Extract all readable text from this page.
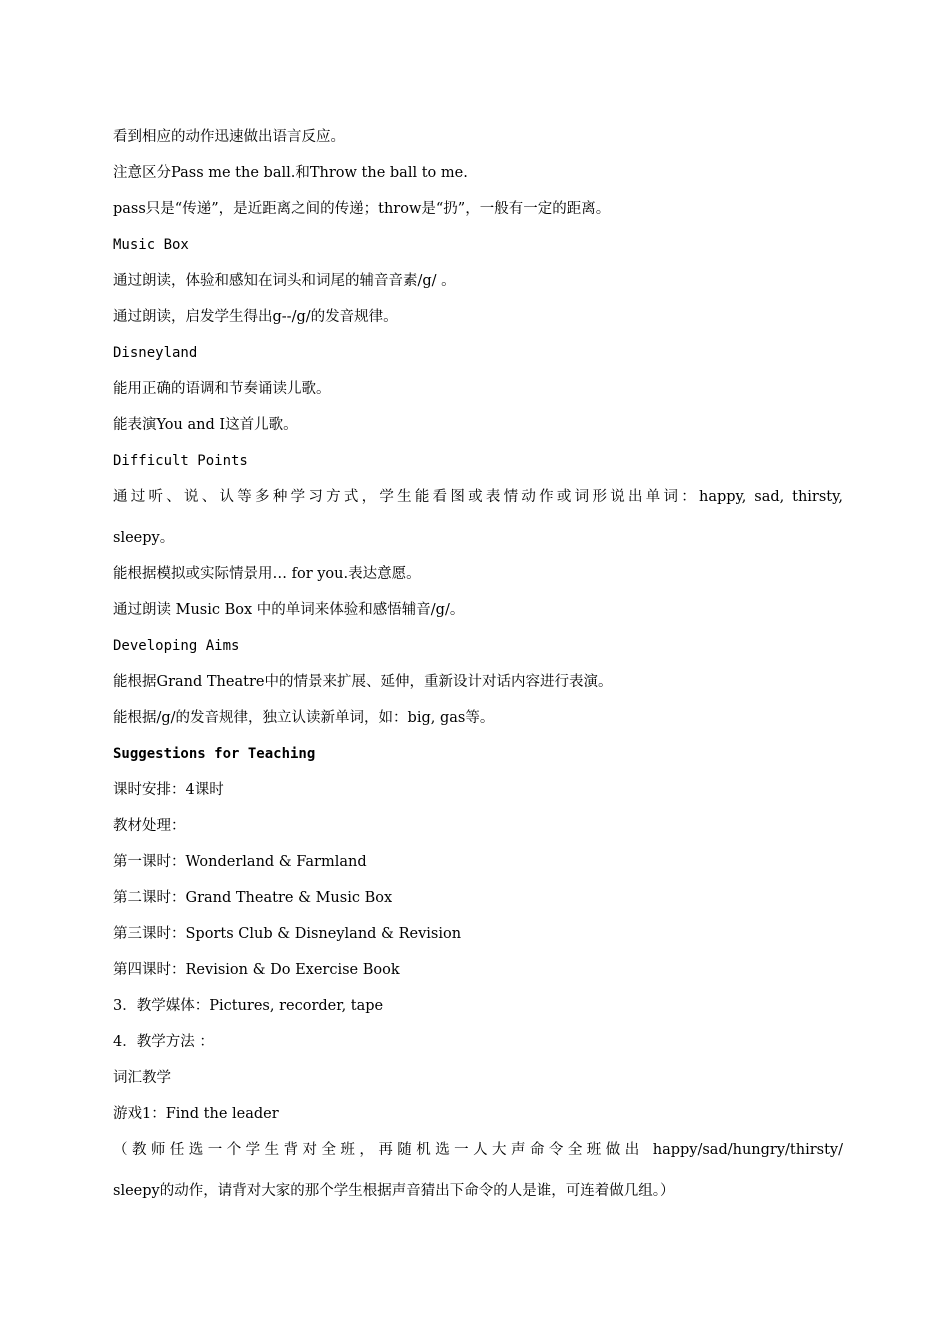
看到相应的动作迅速做出语言反应。
注意区分Pass me the ball.和Throw the ball to me.
pass只是“传递”，是近距离之间的传递；throw是“扔”，一般有一定的距离。
Music Box
通过朗读，体验和感知在词头和词尾的辅音音素/g/ 。
通过朗读，启发学生得出g--/g/的发音规律。
Disneyland
能用正确的语调和节奏诵读儿歌。
能表演You and I这首儿歌。
Difficult Points
通过听、说、认等多种学习方式，学生能看图或表情动作或词形说出单词：happy, sad, thirsty,
sleepy。
能根据模拟或实际情景用… for you.表达意愿。
通过朗读 Music Box 中的单词来体验和感悟辅音/g/。
Developing Aims
能根据Grand Theatre中的情景来扩展、延伸，重新设计对话内容进行表演。
能根据/g/的发音规律，独立认读新单词，如：big, gas等。
Suggestions for Teaching
课时安排：4课时
教材处理：
第一课时：Wonderland & Farmland
第二课时：Grand Theatre & Music Box
第三课时：Sports Club & Disneyland & Revision
第四课时：Revision & Do Exercise Book
3．教学媒体：Pictures, recorder, tape
4．教学方法 ：
词汇教学
游戏1：Find the leader
（教师任选一个学生背对全班，再随机选一人大声命令全班做出 happy/sad/hungry/thirsty/
sleepy的动作，请背对大家的那个学生根据声音猜出下命令的人是谁，可连着做几组。）
